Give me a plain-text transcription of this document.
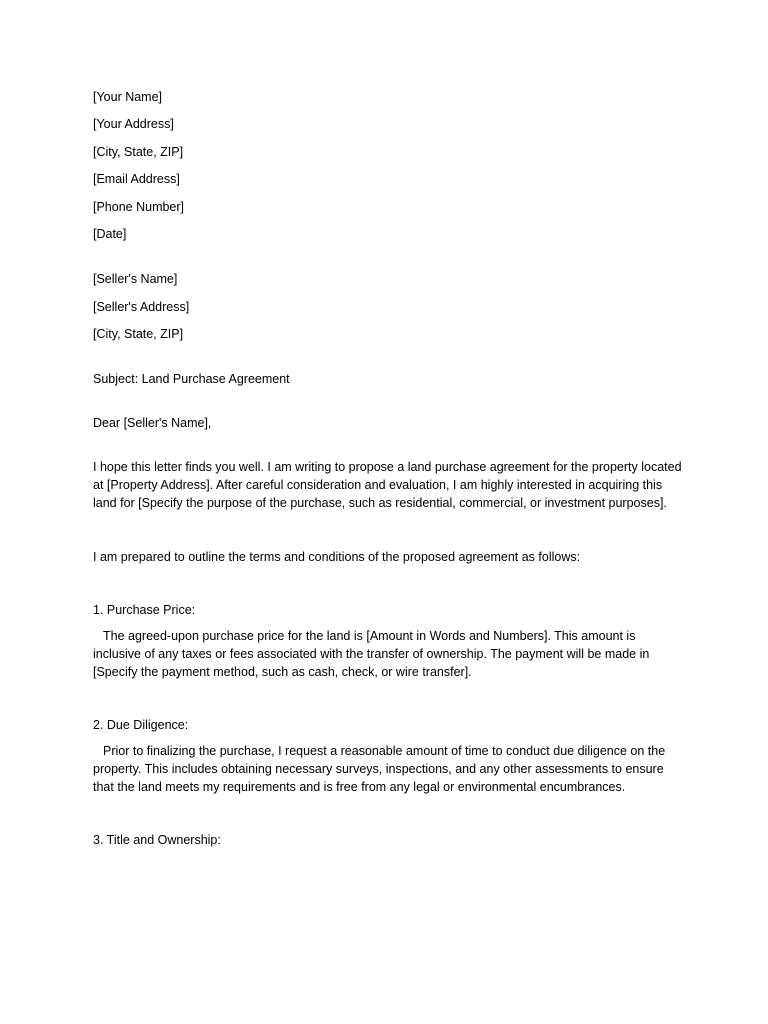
[Your Name]
[Your Address]
[City, State, ZIP]
[Email Address]
[Phone Number]
[Date]
[Seller's Name]
[Seller's Address]
[City, State, ZIP]
Subject: Land Purchase Agreement
Dear [Seller's Name],

I hope this letter finds you well. I am writing to propose a land purchase agreement for the property located at [Property Address]. After careful consideration and evaluation, I am highly interested in acquiring this land for [Specify the purpose of the purchase, such as residential, commercial, or investment purposes].

I am prepared to outline the terms and conditions of the proposed agreement as follows:

1. Purchase Price:

The agreed-upon purchase price for the land is [Amount in Words and Numbers]. This amount is inclusive of any taxes or fees associated with the transfer of ownership. The payment will be made in [Specify the payment method, such as cash, check, or wire transfer].

2. Due Diligence:

Prior to finalizing the purchase, I request a reasonable amount of time to conduct due diligence on the property. This includes obtaining necessary surveys, inspections, and any other assessments to ensure that the land meets my requirements and is free from any legal or environmental encumbrances.

3. Title and Ownership:
